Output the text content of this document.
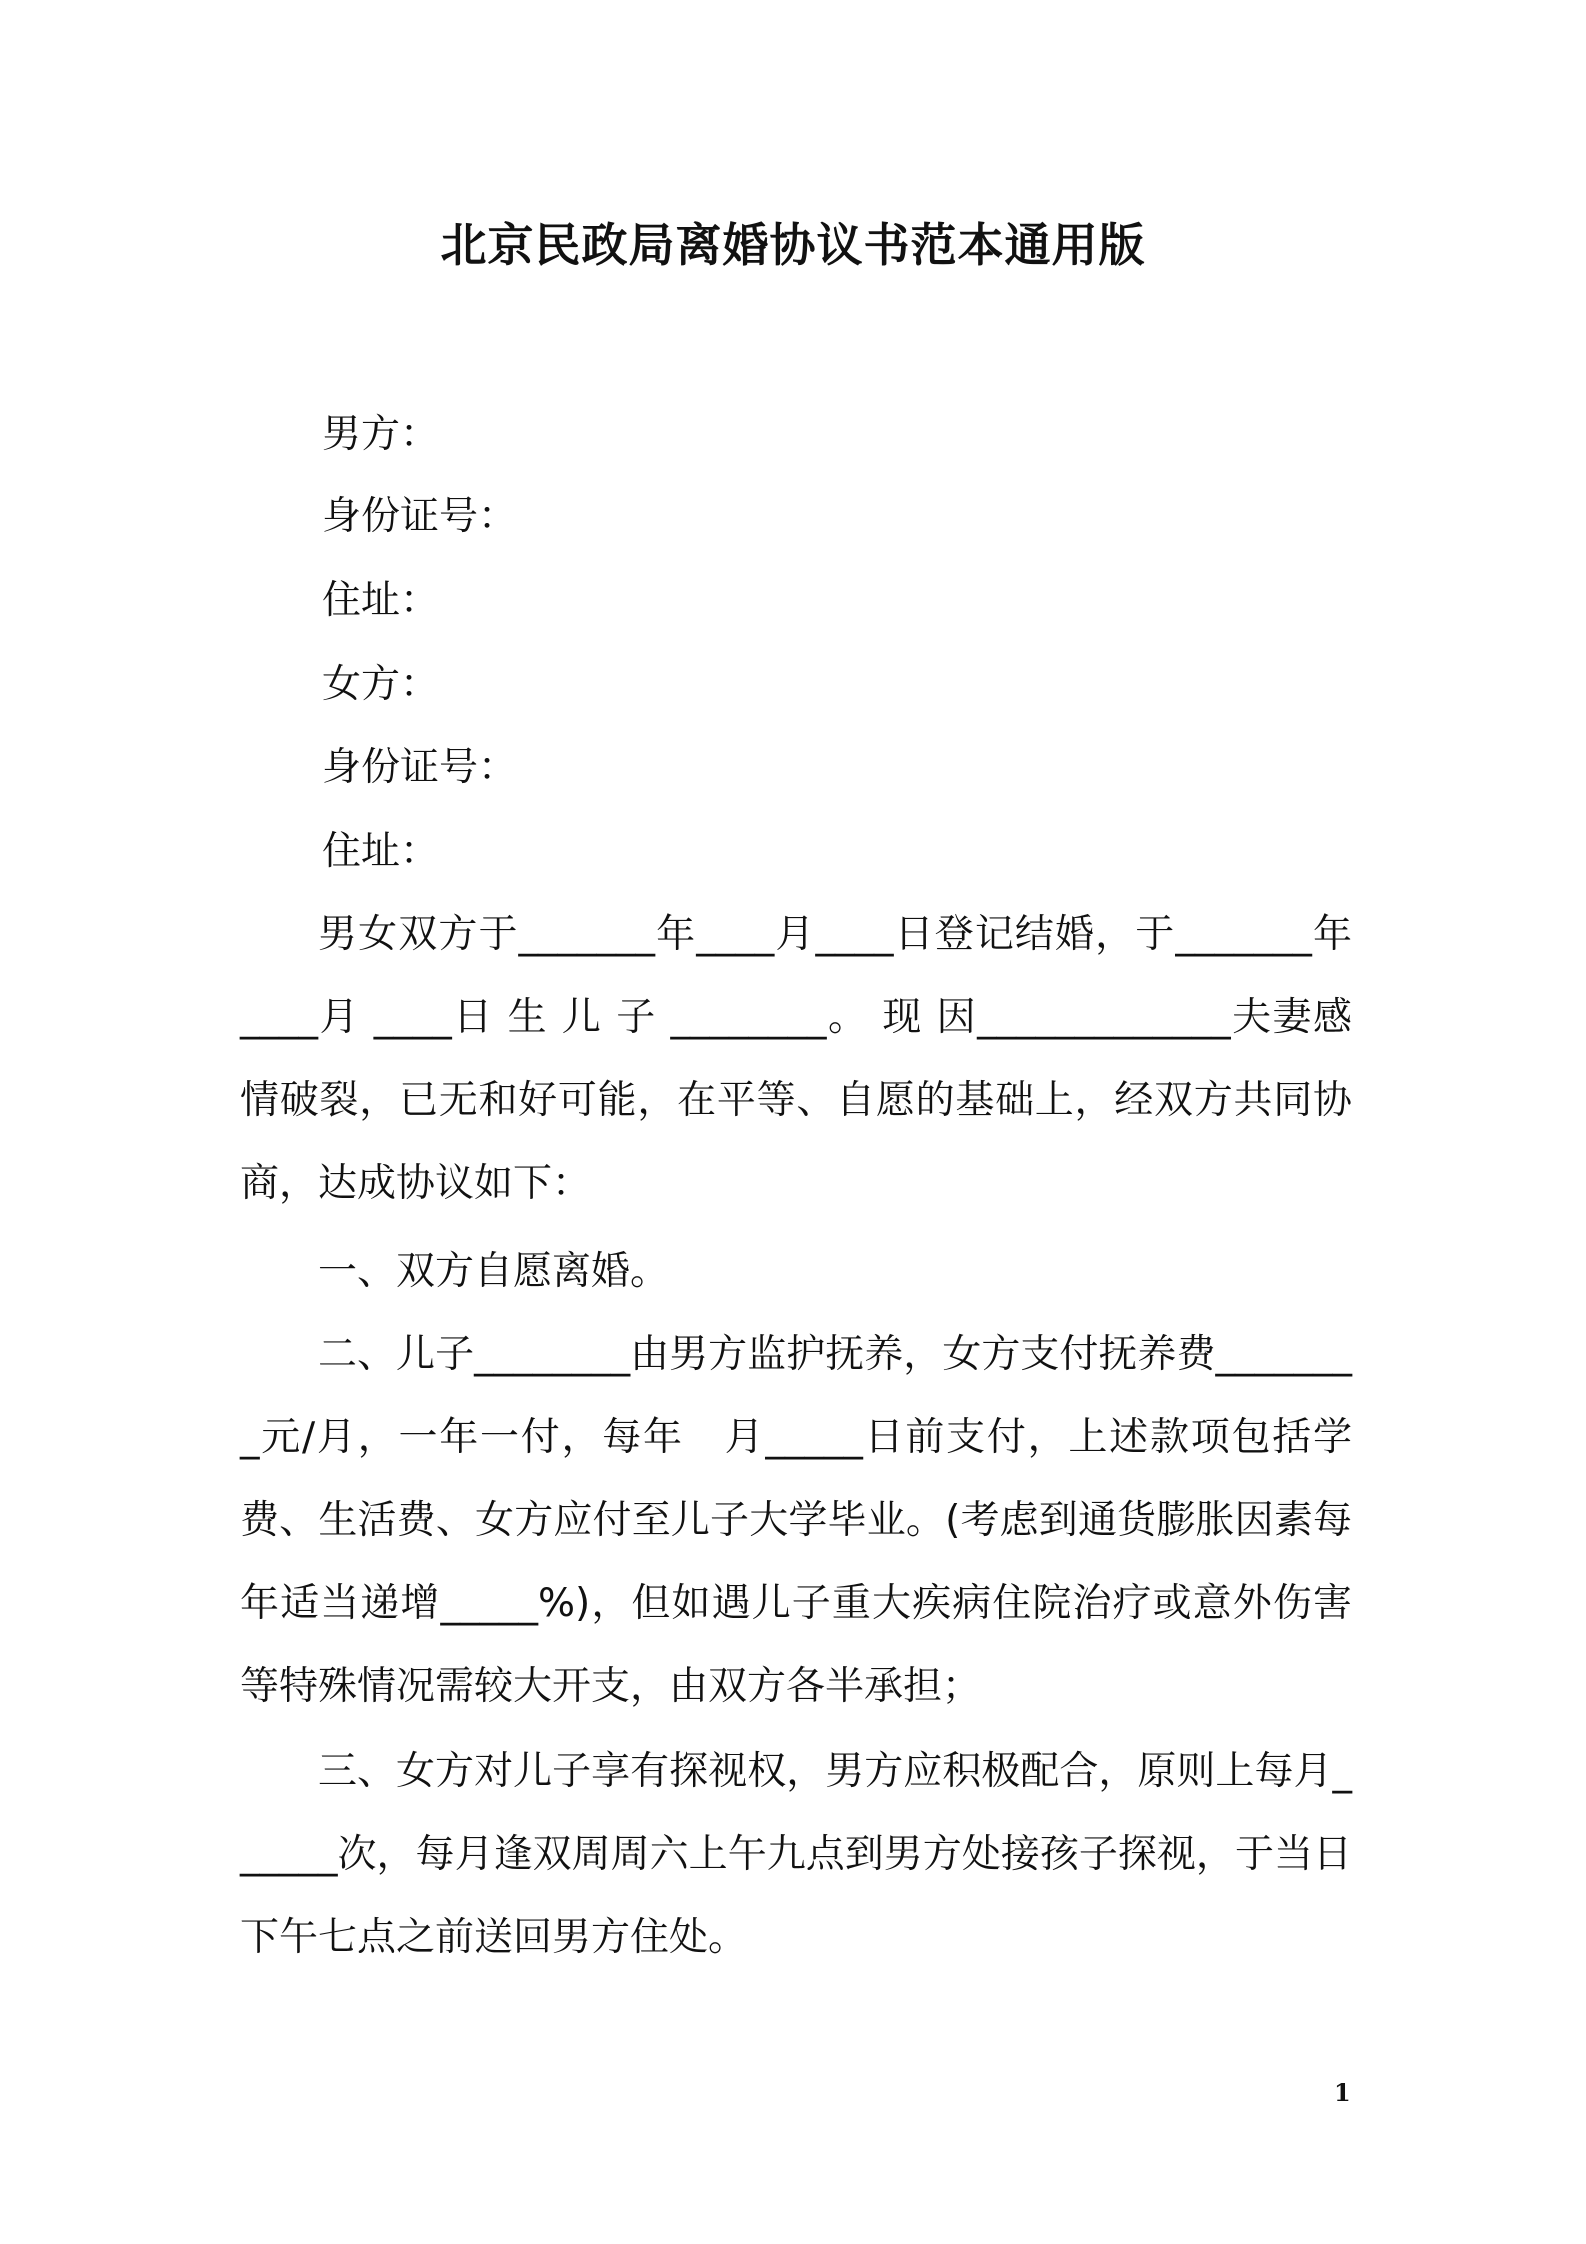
北京民政局离婚协议书范本通用版
男方：
身份证号：
住址：
女方：
身份证号：
住址：
男女双方于_______年____月____日登记结婚，于_______年 ____月 ____日 生 儿 子 ________。 现 因_____________夫妻感情破裂，已无和好可能，在平等、自愿的基础上，经双方共同协商，达成协议如下：
一、双方自愿离婚。
二、儿子________由男方监护抚养，女方支付抚养费________元/月，一年一付，每年　月_____日前支付，上述款项包括学费、生活费、女方应付至儿子大学毕业。(考虑到通货膨胀因素每年适当递增_____%)，但如遇儿子重大疾病住院治疗或意外伤害等特殊情况需较大开支，由双方各半承担；
三、女方对儿子享有探视权，男方应积极配合，原则上每月______次，每月逢双周周六上午九点到男方处接孩子探视，于当日下午七点之前送回男方住处。
1
